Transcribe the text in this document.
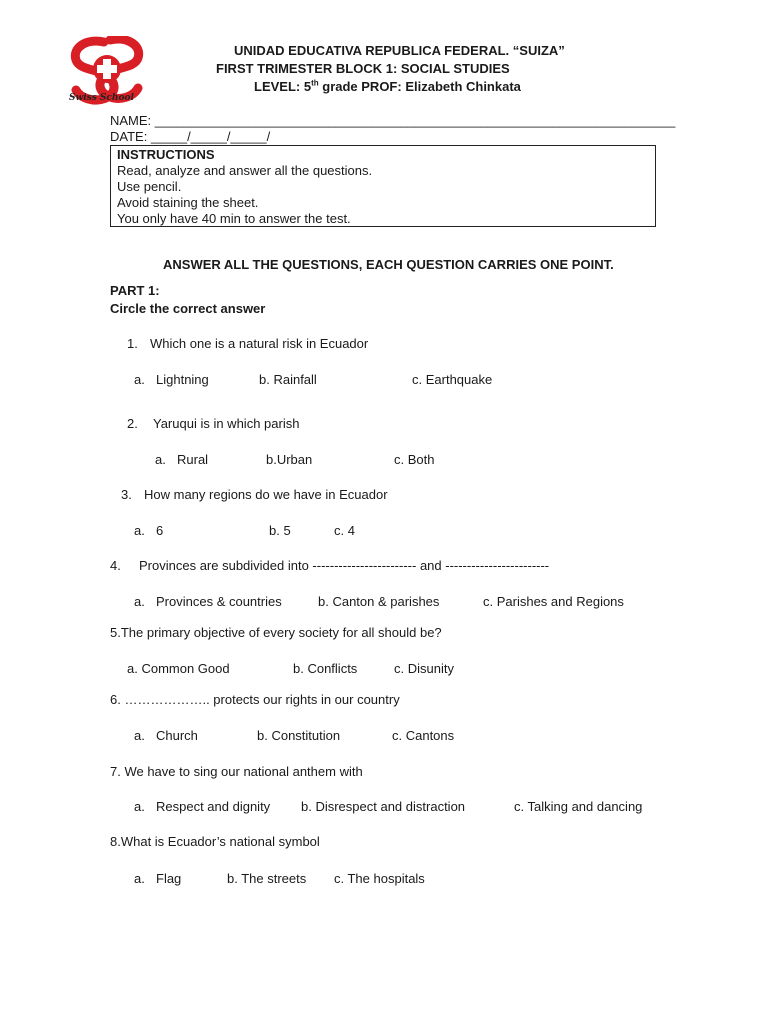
Swiss School
UNIDAD EDUCATIVA REPUBLICA FEDERAL. “SUIZA”
FIRST TRIMESTER BLOCK 1: SOCIAL STUDIES
LEVEL: 5th grade PROF: Elizabeth Chinkata
NAME: ________________________________________________________________________
DATE: _____/_____/_____/
INSTRUCTIONS
Read, analyze and answer all the questions.
Use pencil.
Avoid staining the sheet.
You only have 40 min to answer the test.
ANSWER ALL THE QUESTIONS, EACH QUESTION CARRIES ONE POINT.
PART 1:
Circle the correct answer
1. Which one is a natural risk in Ecuador
a. Lightning	b. Rainfall	c. Earthquake
2. Yaruqui is in which parish
a. Rural	b.Urban	c. Both
3. How many regions do we have in Ecuador
a. 6	b. 5	c. 4
4. Provinces are subdivided into ------------------------ and ------------------------
a. Provinces & countries	b. Canton & parishes	c. Parishes and Regions
5.The primary objective of every society for all should be?
a. Common Good	b. Conflicts	c. Disunity
6. ……………….. protects our rights in our country
a. Church	b. Constitution	c. Cantons
7. We have to sing our national anthem with
a. Respect and dignity b. Disrespect and distraction	c. Talking and dancing
8.What is Ecuador’s national symbol
a. Flag	b. The streets c. The hospitals
